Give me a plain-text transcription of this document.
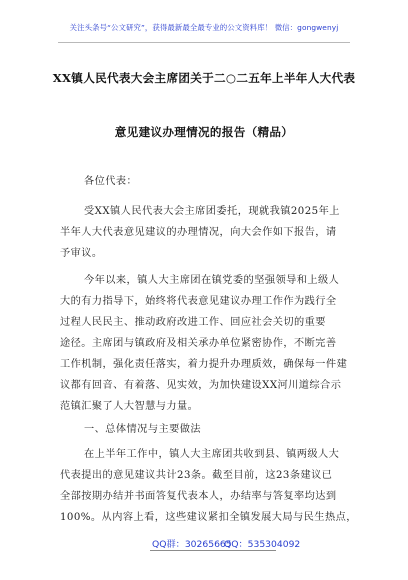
关注头条号“公文研究”，获得最新最全最专业的公文资料库！ 微信：gongwenyj
XX镇人民代表大会主席团关于二○二五年上半年人大代表
意见建议办理情况的报告（精品）
各位代表：
受XX镇人民代表大会主席团委托，现就我镇2025年上
半年人大代表意见建议的办理情况，向大会作如下报告，请
予审议。
今年以来，镇人大主席团在镇党委的坚强领导和上级人
大的有力指导下，始终将代表意见建议办理工作作为践行全
过程人民民主、推动政府改进工作、回应社会关切的重要
途径。主席团与镇政府及相关承办单位紧密协作，不断完善
工作机制，强化责任落实，着力提升办理质效，确保每一件建
议都有回音、有着落、见实效，为加快建设XX河川道综合示
范镇汇聚了人大智慧与力量。
一、总体情况与主要做法
在上半年工作中，镇人大主席团共收到县、镇两级人大
代表提出的意见建议共计23条。截至目前，这23条建议已
全部按期办结并书面答复代表本人，办结率与答复率均达到
100%。从内容上看，这些建议紧扣全镇发展大局与民生热点，
QQ群：30265665
QQ：535304092
